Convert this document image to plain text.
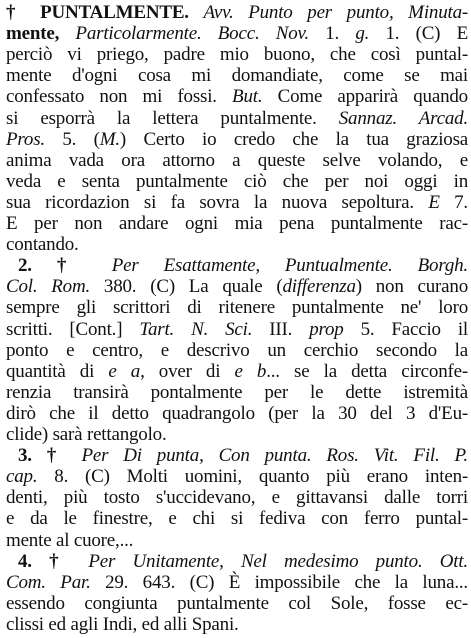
† PUNTALMENTE. Avv. Punto per punto, Minuta-
mente, Particolarmente. Bocc. Nov. 1. g. 1. (C) E
perciò vi priego, padre mio buono, che così puntal-
mente d'ogni cosa mi domandiate, come se mai
confessato non mi fossi. But. Come apparirà quando
si esporrà la lettera puntalmente. Sannaz. Arcad.
Pros. 5. (M.) Certo io credo che la tua graziosa
anima vada ora attorno a queste selve volando, e
veda e senta puntalmente ciò che per noi oggi in
sua ricordazion si fa sovra la nuova sepoltura. E 7.
E per non andare ogni mia pena puntalmente rac-
contando.
2. † Per Esattamente, Puntualmente. Borgh.
Col. Rom. 380. (C) La quale (differenza) non curano
sempre gli scrittori di ritenere puntalmente ne' loro
scritti. [Cont.] Tart. N. Sci. III. prop 5. Faccio il
ponto e centro, e descrivo un cerchio secondo la
quantità di e a, over di e b... se la detta circonfe-
renzia transirà pontalmente per le dette istremità
dirò che il detto quadrangolo (per la 30 del 3 d'Eu-
clide) sarà rettangolo.
3. † Per Di punta, Con punta. Ros. Vit. Fil. P.
cap. 8. (C) Molti uomini, quanto più erano inten-
denti, più tosto s'uccidevano, e gittavansi dalle torri
e da le finestre, e chi si fediva con ferro puntal-
mente al cuore,...
4. † Per Unitamente, Nel medesimo punto. Ott.
Com. Par. 29. 643. (C) È impossibile che la luna...
essendo congiunta puntalmente col Sole, fosse ec-
clissi ed agli Indi, ed alli Spani.
